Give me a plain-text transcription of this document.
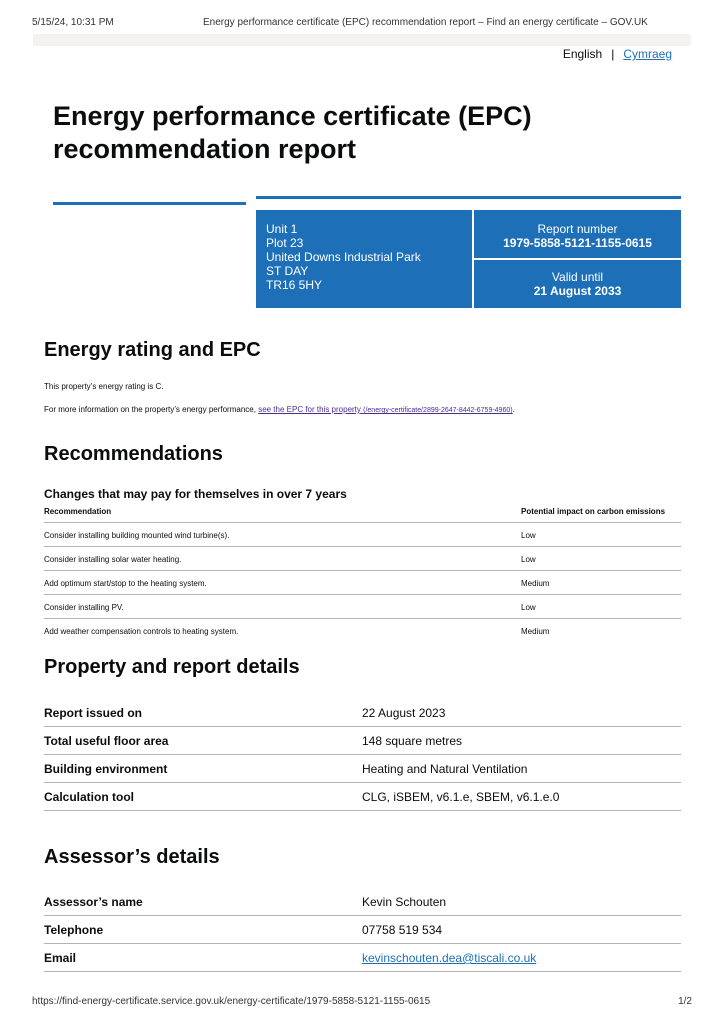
5/15/24, 10:31 PM	Energy performance certificate (EPC) recommendation report – Find an energy certificate – GOV.UK
English | Cymraeg
Energy performance certificate (EPC) recommendation report
Unit 1
Plot 23
United Downs Industrial Park
ST DAY
TR16 5HY
Report number
1979-5858-5121-1155-0615
Valid until
21 August 2033
Energy rating and EPC
This property’s energy rating is C.
For more information on the property’s energy performance, see the EPC for this property (/energy-certificate/2899-2647-8442-6759-4960).
Recommendations
Changes that may pay for themselves in over 7 years
Recommendation	Potential impact on carbon emissions
Consider installing building mounted wind turbine(s).	Low
Consider installing solar water heating.	Low
Add optimum start/stop to the heating system.	Medium
Consider installing PV.	Low
Add weather compensation controls to heating system.	Medium
Property and report details
Report issued on	22 August 2023
Total useful floor area	148 square metres
Building environment	Heating and Natural Ventilation
Calculation tool	CLG, iSBEM, v6.1.e, SBEM, v6.1.e.0
Assessor’s details
Assessor’s name	Kevin Schouten
Telephone	07758 519 534
Email	kevinschouten.dea@tiscali.co.uk
https://find-energy-certificate.service.gov.uk/energy-certificate/1979-5858-5121-1155-0615	1/2
